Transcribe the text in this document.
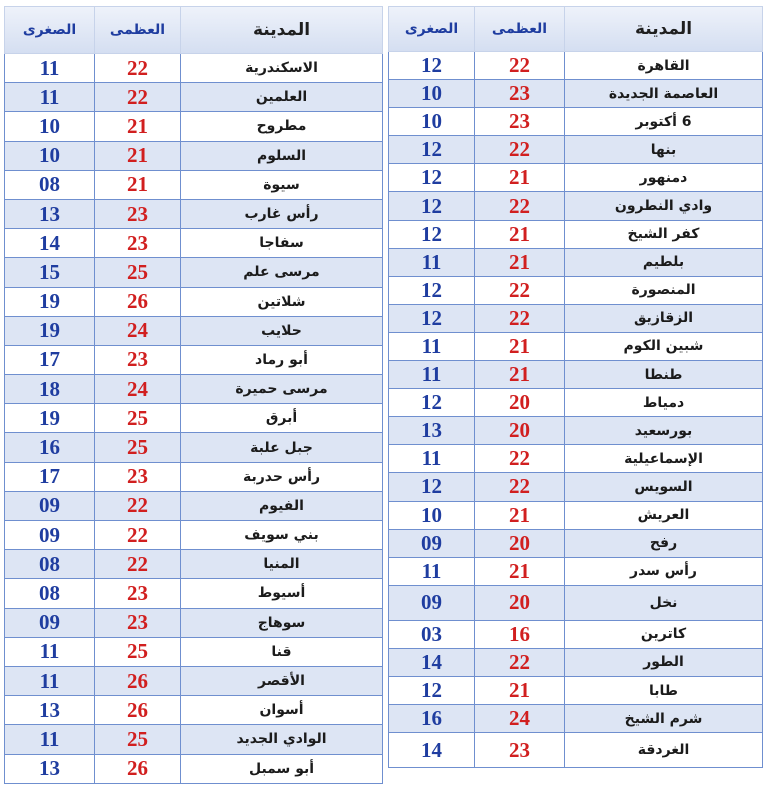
الصغرى	العظمى	المدينة
11	22	الاسكندرية
11	22	العلمين
10	21	مطروح
10	21	السلوم
08	21	سيوة
13	23	رأس غارب
14	23	سفاجا
15	25	مرسى علم
19	26	شلاتين
19	24	حلايب
17	23	أبو رماد
18	24	مرسى حميرة
19	25	أبرق
16	25	جبل علبة
17	23	رأس حدربة
09	22	الفيوم
09	22	بني سويف
08	22	المنيا
08	23	أسيوط
09	23	سوهاج
11	25	قنا
11	26	الأقصر
13	26	أسوان
11	25	الوادي الجديد
13	26	أبو سمبل
الصغرى	العظمى	المدينة
12	22	القاهرة
10	23	العاصمة الجديدة
10	23	6 أكتوبر
12	22	بنها
12	21	دمنهور
12	22	وادي النطرون
12	21	كفر الشيخ
11	21	بلطيم
12	22	المنصورة
12	22	الزقازيق
11	21	شبين الكوم
11	21	طنطا
12	20	دمياط
13	20	بورسعيد
11	22	الإسماعيلية
12	22	السويس
10	21	العريش
09	20	رفح
11	21	رأس سدر
09	20	نخل
03	16	كاترين
14	22	الطور
12	21	طابا
16	24	شرم الشيخ
14	23	الغردقة
